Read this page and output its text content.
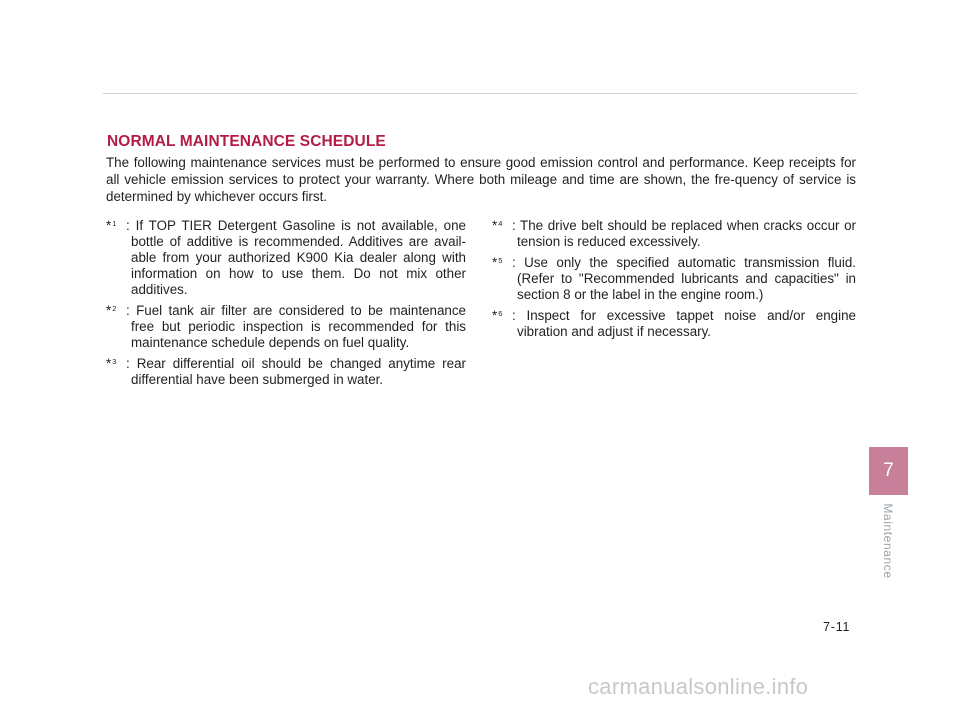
NORMAL MAINTENANCE SCHEDULE

The following maintenance services must be performed to ensure good emission control and performance. Keep receipts for all vehicle emission services to protect your warranty. Where both mileage and time are shown, the fre-quency of service is determined by whichever occurs first.

*$^1$ : If TOP TIER Detergent Gasoline is not available, one bottle of additive is recommended. Additives are avail-able from your authorized K900 Kia dealer along with information on how to use them. Do not mix other additives.

*$^2$ : Fuel tank air filter are considered to be maintenance free but periodic inspection is recommended for this maintenance schedule depends on fuel quality.

*$^3$ : Rear differential oil should be changed anytime rear differential have been submerged in water.

*$^4$ : The drive belt should be replaced when cracks occur or tension is reduced excessively.

*$^5$ : Use only the specified automatic transmission fluid. (Refer to "Recommended lubricants and capacities" in section 8 or the label in the engine room.)

*$^6$ : Inspect for excessive tappet noise and/or engine vibration and adjust if necessary.

7
Maintenance
7-11
carmanualsonline.info
